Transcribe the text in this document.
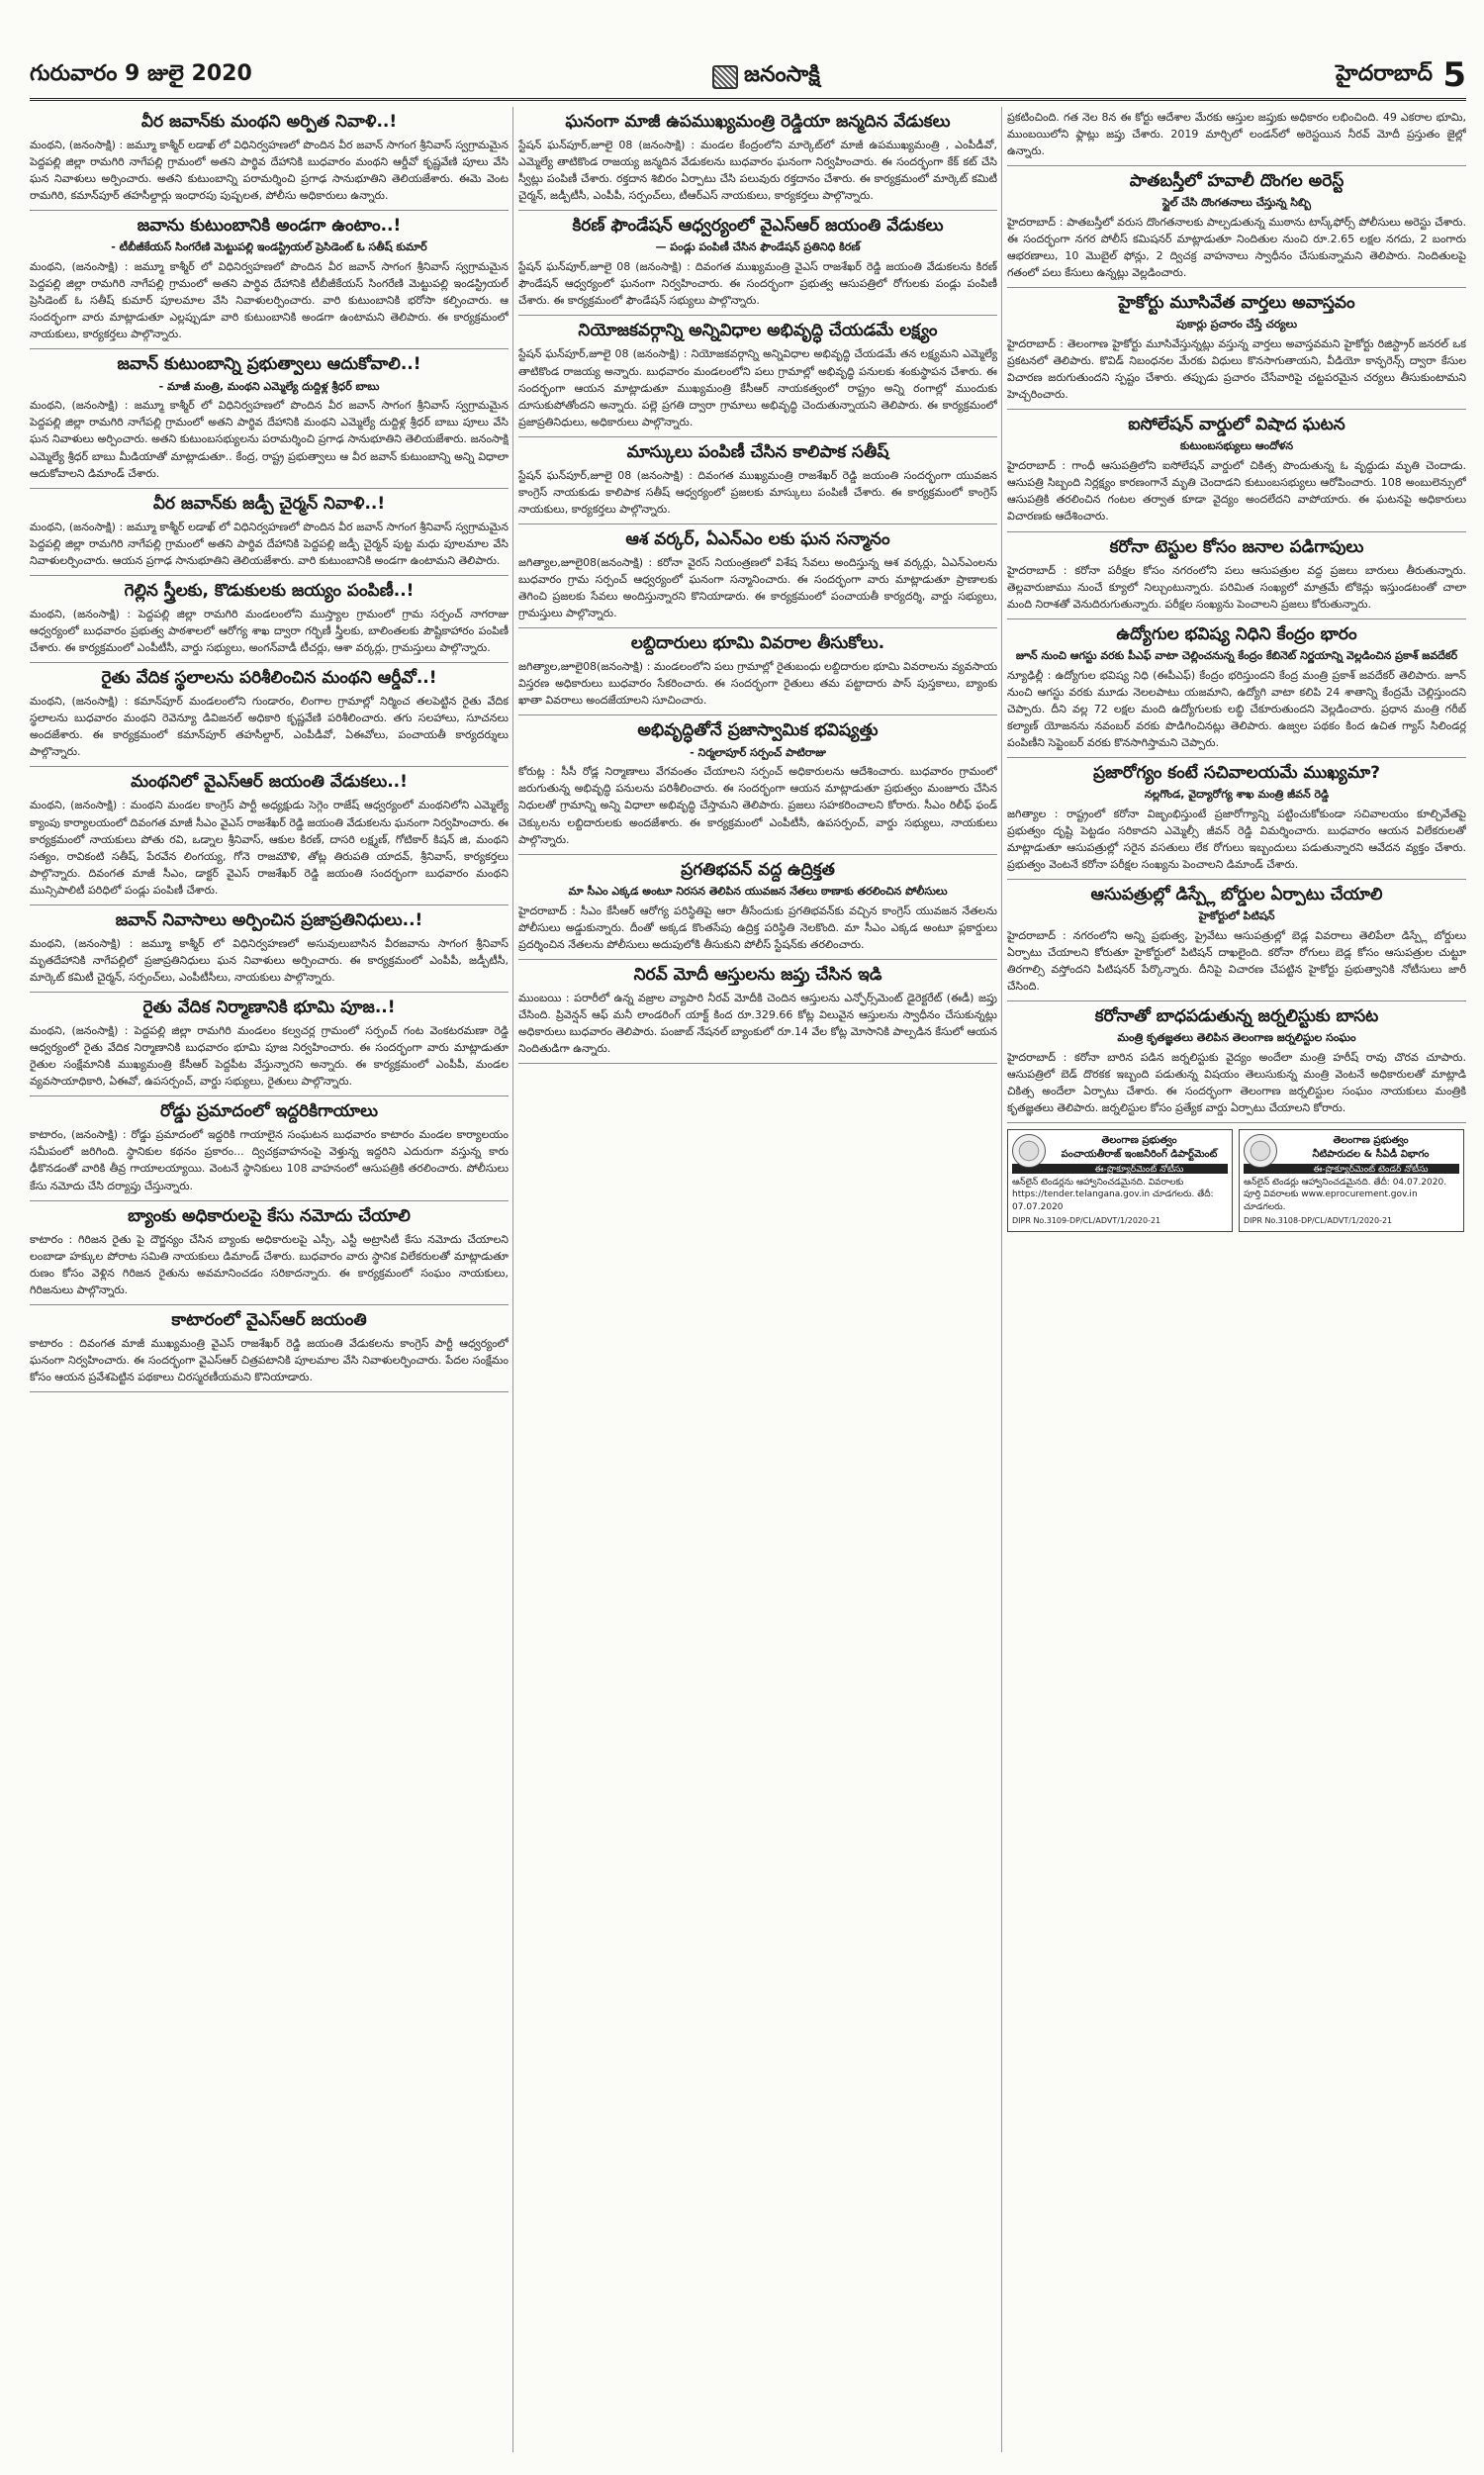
గురువారం 9 జులై 2020	జనంసాక్షి	హైదరాబాద్ 5
వీర జవాన్‌కు మంథని అర్పిత నివాళి..!
మంథని, (జనంసాక్షి) : జమ్మూ కాశ్మీర్ లడాఖ్ లో విధినిర్వహణలో పొందిన వీర జవాన్ సాగంగ శ్రీనివాస్ స్వగ్రామమైన పెద్దపల్లి జిల్లా రామగిరి నాగేపల్లి గ్రామంలో అతని పార్థివ దేహానికి బుధవారం మంథని ఆర్డీవో కృష్ణవేణి పూలు వేసి ఘన నివాళులు అర్పించారు. అతని కుటుంబాన్ని పరామర్శించి ప్రగాఢ సానుభూతిని తెలియజేశారు. ఈమె వెంట రామగిరి, కమాన్‌పూర్ తహసీల్దార్లు ఇంధారపు పుష్పలత, పోలీసు అధికారులు ఉన్నారు.
జవాను కుటుంబానికి అండగా ఉంటాం..!
- టీబీజీకేయస్ సింగరేణి మెట్టుపల్లి ఇండస్ట్రియల్ ప్రెసిడెంట్ ఓ సతీష్ కుమార్
మంథని, (జనంసాక్షి) : జమ్మూ కాశ్మీర్ లో విధినిర్వహణలో పొందిన వీర జవాన్ సాగంగ శ్రీనివాస్ స్వగ్రామమైన పెద్దపల్లి జిల్లా రామగిరి నాగేపల్లి గ్రామంలో అతని పార్థివ దేహానికి టీబీజీకేయస్ సింగరేణి మెట్టుపల్లి ఇండస్ట్రియల్ ప్రెసిడెంట్ ఓ సతీష్ కుమార్ పూలమాల వేసి నివాళులర్పించారు. వారి కుటుంబానికి భరోసా కల్పించారు. ఆ సందర్భంగా వారు మాట్లాడుతూ ఎల్లప్పుడూ వారి కుటుంబానికి అండగా ఉంటామని తెలిపారు. ఈ కార్యక్రమంలో నాయకులు, కార్యకర్తలు పాల్గొన్నారు.
జవాన్ కుటుంబాన్ని ప్రభుత్వాలు ఆదుకోవాలి..!
- మాజీ మంత్రి, మంథని ఎమ్మెల్యే దుద్దిళ్ల శ్రీధర్ బాబు
మంథని, (జనంసాక్షి) : జమ్మూ కాశ్మీర్ లో విధినిర్వహణలో పొందిన వీర జవాన్ సాగంగ శ్రీనివాస్ స్వగ్రామమైన పెద్దపల్లి జిల్లా రామగిరి నాగేపల్లి గ్రామంలో అతని పార్థివ దేహానికి మంథని ఎమ్మెల్యే దుద్దిళ్ల శ్రీధర్ బాబు పూలు వేసి ఘన నివాళులు అర్పించారు. అతని కుటుంబసభ్యులను పరామర్శించి ప్రగాఢ సానుభూతిని తెలియజేశారు. జనంసాక్షి ఎమ్మెల్యే శ్రీధర్ బాబు మీడియాతో మాట్లాడుతూ.. కేంద్ర, రాష్ట్ర ప్రభుత్వాలు ఆ వీర జవాన్ కుటుంబాన్ని అన్ని విధాలా ఆదుకోవాలని డిమాండ్ చేశారు.
వీర జవాన్‌కు జడ్పీ చైర్మన్ నివాళి..!
మంథని, (జనంసాక్షి) : జమ్మూ కాశ్మీర్ లడాఖ్ లో విధినిర్వహణలో పొందిన వీర జవాన్ సాగంగ శ్రీనివాస్ స్వగ్రామమైన పెద్దపల్లి జిల్లా రామగిరి నాగేపల్లి గ్రామంలో అతని పార్థివ దేహానికి పెద్దపల్లి జడ్పీ చైర్మన్ పుట్ట మధు పూలమాల వేసి నివాళులర్పించారు. ఆయన ప్రగాఢ సానుభూతిని తెలియజేశారు. వారి కుటుంబానికి అండగా ఉంటామని తెలిపారు.
గెల్లిన స్త్రీలకు, కొడుకులకు జయ్యం పంపిణీ..!
మంథని, (జనంసాక్షి) : పెద్దపల్లి జిల్లా రామగిరి మండలంలోని ముస్త్యాల గ్రామంలో గ్రామ సర్పంచ్ నాగరాజు ఆధ్వర్యంలో బుధవారం ప్రభుత్వ పాఠశాలలో ఆరోగ్య శాఖ ద్వారా గర్భిణీ స్త్రీలకు, బాలింతలకు పౌష్టికాహారం పంపిణీ చేశారు. ఈ కార్యక్రమంలో ఎంపీటీసీ, వార్డు సభ్యులు, అంగన్‌వాడీ టీచర్లు, ఆశా వర్కర్లు, గ్రామస్తులు పాల్గొన్నారు.
రైతు వేదిక స్థలాలను పరిశీలించిన మంథని ఆర్డీవో..!
మంథని, (జనంసాక్షి) : కమాన్‌పూర్ మండలంలోని గుండారం, లింగాల గ్రామాల్లో నిర్మించ తలపెట్టిన రైతు వేదిక స్థలాలను బుధవారం మంథని రెవెన్యూ డివిజనల్ అధికారి కృష్ణవేణి పరిశీలించారు. తగు సలహాలు, సూచనలు అందజేశారు. ఈ కార్యక్రమంలో కమాన్‌పూర్ తహసీల్దార్, ఎంపీడీవో, ఏఈవోలు, పంచాయతీ కార్యదర్శులు పాల్గొన్నారు.
మంథనిలో వైఎస్ఆర్ జయంతి వేడుకలు..!
మంథని, (జనంసాక్షి) : మంథని మండల కాంగ్రెస్ పార్టీ అధ్యక్షుడు సెగ్గెం రాజేష్ ఆధ్వర్యంలో మంథనిలోని ఎమ్మెల్యే క్యాంపు కార్యాలయంలో దివంగత మాజీ సీఎం వైఎస్ రాజశేఖర్ రెడ్డి జయంతి వేడుకలను ఘనంగా నిర్వహించారు. ఈ కార్యక్రమంలో నాయకులు పోతు రవి, ఒడ్నాల శ్రీనివాస్, ఆకుల కిరణ్, దాసరి లక్ష్మణ్, గోటికార్ కిషన్ జి, మంథని సత్యం, రావికంటి సతీష్, పేరవేన లింగయ్య, గోనె రాజమౌళి, తోట్ల తిరుపతి యాదవ్, శ్రీనివాస్, కార్యకర్తలు పాల్గొన్నారు. దివంగత మాజీ సీఎం, డాక్టర్ వైఎస్ రాజశేఖర్ రెడ్డి జయంతి సందర్భంగా బుధవారం మంథని మున్సిపాలిటీ పరిధిలో పండ్లు పంపిణీ చేశారు.
జవాన్ నివాసాలు అర్పించిన ప్రజాప్రతినిధులు..!
మంథని, (జనంసాక్షి) : జమ్మూ కాశ్మీర్ లో విధినిర్వహణలో అసువులుబాసిన వీరజవాను సాగంగ శ్రీనివాస్ మృతదేహానికి నాగేపల్లిలో ప్రజాప్రతినిధులు ఘన నివాళులు అర్పించారు. ఈ కార్యక్రమంలో ఎంపీపీ, జడ్పీటీసీ, మార్కెట్ కమిటీ చైర్మన్, సర్పంచ్‌లు, ఎంపీటీసీలు, నాయకులు పాల్గొన్నారు.
రైతు వేదిక నిర్మాణానికి భూమి పూజ..!
మంథని, (జనంసాక్షి) : పెద్దపల్లి జిల్లా రామగిరి మండలం కల్వచర్ల గ్రామంలో సర్పంచ్ గంట వెంకటరమణా రెడ్డి ఆధ్వర్యంలో రైతు వేదిక నిర్మాణానికి బుధవారం భూమి పూజ నిర్వహించారు. ఈ సందర్భంగా వారు మాట్లాడుతూ రైతుల సంక్షేమానికి ముఖ్యమంత్రి కేసీఆర్ పెద్దపీట వేస్తున్నారని అన్నారు. ఈ కార్యక్రమంలో ఎంపీపీ, మండల వ్యవసాయాధికారి, ఏఈవో, ఉపసర్పంచ్, వార్డు సభ్యులు, రైతులు పాల్గొన్నారు.
రోడ్డు ప్రమాదంలో ఇద్దరికిగాయాలు
కాటారం, (జనంసాక్షి) : రోడ్డు ప్రమాదంలో ఇద్దరికి గాయాలైన సంఘటన బుధవారం కాటారం మండల కార్యాలయం సమీపంలో జరిగింది. స్థానికుల కథనం ప్రకారం... ద్విచక్రవాహనంపై వెళ్తున్న ఇద్దరిని ఎదురుగా వస్తున్న కారు ఢీకొనడంతో వారికి తీవ్ర గాయాలయ్యాయి. వెంటనే స్థానికులు 108 వాహనంలో ఆసుపత్రికి తరలించారు. పోలీసులు కేసు నమోదు చేసి దర్యాప్తు చేస్తున్నారు.
బ్యాంకు అధికారులపై కేసు నమోదు చేయాలి
కాటారం : గిరిజన రైతు పై దౌర్జన్యం చేసిన బ్యాంకు అధికారులపై ఎస్సీ, ఎస్టీ అట్రాసిటీ కేసు నమోదు చేయాలని లంబాడా హక్కుల పోరాట సమితి నాయకులు డిమాండ్ చేశారు. బుధవారం వారు స్థానిక విలేకరులతో మాట్లాడుతూ రుణం కోసం వెళ్లిన గిరిజన రైతును అవమానించడం సరికాదన్నారు. ఈ కార్యక్రమంలో సంఘం నాయకులు, గిరిజనులు పాల్గొన్నారు.
కాటారంలో వైఎస్ఆర్ జయంతి
కాటారం : దివంగత మాజీ ముఖ్యమంత్రి వైఎస్ రాజశేఖర్ రెడ్డి జయంతి వేడుకలను కాంగ్రెస్ పార్టీ ఆధ్వర్యంలో ఘనంగా నిర్వహించారు. ఈ సందర్భంగా వైఎస్ఆర్ చిత్రపటానికి పూలమాల వేసి నివాళులర్పించారు. పేదల సంక్షేమం కోసం ఆయన ప్రవేశపెట్టిన పథకాలు చిరస్మరణీయమని కొనియాడారు.
ఘనంగా మాజీ ఉపముఖ్యమంత్రి రెడ్డియా జన్మదిన వేడుకలు
స్టేషన్ ఘన్‌పూర్,జూలై 08 (జనంసాక్షి) : మండల కేంద్రంలోని మార్కెట్‌లో మాజీ ఉపముఖ్యమంత్రి , ఎంపీడీవో, ఎమ్మెల్యే తాటికొండ రాజయ్య జన్మదిన వేడుకలను బుధవారం ఘనంగా నిర్వహించారు. ఈ సందర్భంగా కేక్ కట్ చేసి స్వీట్లు పంపిణీ చేశారు. రక్తదాన శిబిరం ఏర్పాటు చేసి పలువురు రక్తదానం చేశారు. ఈ కార్యక్రమంలో మార్కెట్ కమిటీ చైర్మన్, జడ్పీటీసీ, ఎంపీపీ, సర్పంచ్‌లు, టీఆర్ఎస్ నాయకులు, కార్యకర్తలు పాల్గొన్నారు.
కిరణ్ ఫౌండేషన్ ఆధ్వర్యంలో వైఎస్ఆర్ జయంతి వేడుకలు
— పండ్లు పంపిణీ చేసిన ఫౌండేషన్ ప్రతినిధి కిరణ్
స్టేషన్ ఘన్‌పూర్,జూలై 08 (జనంసాక్షి) : దివంగత ముఖ్యమంత్రి వైఎస్ రాజశేఖర్ రెడ్డి జయంతి వేడుకలను కిరణ్ ఫౌండేషన్ ఆధ్వర్యంలో ఘనంగా నిర్వహించారు. ఈ సందర్భంగా ప్రభుత్వ ఆసుపత్రిలో రోగులకు పండ్లు పంపిణీ చేశారు. ఈ కార్యక్రమంలో ఫౌండేషన్ సభ్యులు పాల్గొన్నారు.
నియోజకవర్గాన్ని అన్నివిధాల అభివృద్ధి చేయడమే లక్ష్యం
స్టేషన్ ఘన్‌పూర్,జూలై 08 (జనంసాక్షి) : నియోజకవర్గాన్ని అన్నివిధాల అభివృద్ధి చేయడమే తన లక్ష్యమని ఎమ్మెల్యే తాటికొండ రాజయ్య అన్నారు. బుధవారం మండలంలోని పలు గ్రామాల్లో అభివృద్ధి పనులకు శంకుస్థాపన చేశారు. ఈ సందర్భంగా ఆయన మాట్లాడుతూ ముఖ్యమంత్రి కేసీఆర్ నాయకత్వంలో రాష్ట్రం అన్ని రంగాల్లో ముందుకు దూసుకుపోతోందని అన్నారు. పల్లె ప్రగతి ద్వారా గ్రామాలు అభివృద్ధి చెందుతున్నాయని తెలిపారు. ఈ కార్యక్రమంలో ప్రజాప్రతినిధులు, అధికారులు పాల్గొన్నారు.
మాస్కులు పంపిణీ చేసిన కాలిపాక సతీష్
స్టేషన్ ఘన్‌పూర్,జూలై 08 (జనంసాక్షి) : దివంగత ముఖ్యమంత్రి రాజశేఖర్ రెడ్డి జయంతి సందర్భంగా యువజన కాంగ్రెస్ నాయకుడు కాలిపాక సతీష్ ఆధ్వర్యంలో ప్రజలకు మాస్కులు పంపిణీ చేశారు. ఈ కార్యక్రమంలో కాంగ్రెస్ నాయకులు, కార్యకర్తలు పాల్గొన్నారు.
ఆశ వర్కర్, ఏఎన్ఎం లకు ఘన సన్మానం
జగిత్యాల,జూలై08(జనంసాక్షి) : కరోనా వైరస్ నియంత్రణలో విశేష సేవలు అందిస్తున్న ఆశ వర్కర్లు, ఏఎన్ఎంలను బుధవారం గ్రామ సర్పంచ్ ఆధ్వర్యంలో ఘనంగా సన్మానించారు. ఈ సందర్భంగా వారు మాట్లాడుతూ ప్రాణాలకు తెగించి ప్రజలకు సేవలు అందిస్తున్నారని కొనియాడారు. ఈ కార్యక్రమంలో పంచాయతీ కార్యదర్శి, వార్డు సభ్యులు, గ్రామస్తులు పాల్గొన్నారు.
లబ్దిదారులు భూమి వివరాల తీసుకోలు.
జగిత్యాల,జూలై08(జనంసాక్షి) : మండలంలోని పలు గ్రామాల్లో రైతుబంధు లబ్దిదారుల భూమి వివరాలను వ్యవసాయ విస్తరణ అధికారులు బుధవారం సేకరించారు. ఈ సందర్భంగా రైతులు తమ పట్టాదారు పాస్ పుస్తకాలు, బ్యాంకు ఖాతా వివరాలు అందజేయాలని సూచించారు.
అభివృద్ధితోనే ప్రజాస్వామిక భవిష్యత్తు
- నిర్మలాపూర్ సర్పంచ్ పాటిరాజు
కోరుట్ల : సీసీ రోడ్ల నిర్మాణాలు వేగవంతం చేయాలని సర్పంచ్ అధికారులను ఆదేశించారు. బుధవారం గ్రామంలో జరుగుతున్న అభివృద్ధి పనులను పరిశీలించారు. ఈ సందర్భంగా ఆయన మాట్లాడుతూ ప్రభుత్వం మంజూరు చేసిన నిధులతో గ్రామాన్ని అన్ని విధాలా అభివృద్ధి చేస్తామని తెలిపారు. ప్రజలు సహకరించాలని కోరారు. సీఎం రిలీఫ్ ఫండ్ చెక్కులను లబ్దిదారులకు అందజేశారు. ఈ కార్యక్రమంలో ఎంపీటీసీ, ఉపసర్పంచ్, వార్డు సభ్యులు, నాయకులు పాల్గొన్నారు.
ప్రగతిభవన్ వద్ద ఉద్రిక్తత
మా సీఎం ఎక్కడ అంటూ నిరసన తెలిపిన యువజన నేతలు ఠాణాకు తరలించిన పోలీసులు
హైదరాబాద్ : సీఎం కేసీఆర్ ఆరోగ్య పరిస్థితిపై ఆరా తీసేందుకు ప్రగతిభవన్‌కు వచ్చిన కాంగ్రెస్ యువజన నేతలను పోలీసులు అడ్డుకున్నారు. దీంతో అక్కడ కొంతసేపు ఉద్రిక్త పరిస్థితి నెలకొంది. మా సీఎం ఎక్కడ అంటూ ప్లకార్డులు ప్రదర్శించిన నేతలను పోలీసులు అదుపులోకి తీసుకుని పోలీస్ స్టేషన్‌కు తరలించారు.
నిరవ్ మోదీ ఆస్తులను జప్తు చేసిన ఇడి
ముంబయి : పరారీలో ఉన్న వజ్రాల వ్యాపారి నీరవ్ మోదీకి చెందిన ఆస్తులను ఎన్ఫోర్స్‌మెంట్ డైరెక్టరేట్ (ఈడీ) జప్తు చేసింది. ప్రివెన్షన్ ఆఫ్ మనీ లాండరింగ్ యాక్ట్ కింద రూ.329.66 కోట్ల విలువైన ఆస్తులను స్వాధీనం చేసుకున్నట్లు అధికారులు బుధవారం తెలిపారు. పంజాబ్ నేషనల్ బ్యాంకులో రూ.14 వేల కోట్ల మోసానికి పాల్పడిన కేసులో ఆయన నిందితుడిగా ఉన్నారు.
ప్రకటించింది. గత నెల 8న ఈ కోర్టు ఆదేశాల మేరకు ఆస్తుల జప్తుకు అధికారం లభించింది. 49 ఎకరాల భూమి, ముంబయిలోని ఫ్లాట్లు జప్తు చేశారు. 2019 మార్చిలో లండన్‌లో అరెస్టయిన నీరవ్ మోదీ ప్రస్తుతం జైల్లో ఉన్నారు.
పాతబస్తీలో హవాలీ దొంగల అరెస్ట్
స్టైల్ చేసి దొంగతనాలు చేస్తున్న సిబ్బి
హైదరాబాద్ : పాతబస్తీలో వరుస దొంగతనాలకు పాల్పడుతున్న ముఠాను టాస్క్‌ఫోర్స్ పోలీసులు అరెస్టు చేశారు. ఈ సందర్భంగా నగర పోలీస్ కమిషనర్ మాట్లాడుతూ నిందితుల నుంచి రూ.2.65 లక్షల నగదు, 2 బంగారు ఆభరణాలు, 10 మొబైల్ ఫోన్లు, 2 ద్విచక్ర వాహనాలు స్వాధీనం చేసుకున్నామని తెలిపారు. నిందితులపై గతంలో పలు కేసులు ఉన్నట్లు వెల్లడించారు.
హైకోర్టు మూసివేత వార్తలు అవాస్తవం
పుకార్లు ప్రచారం చేస్తే చర్యలు
హైదరాబాద్ : తెలంగాణ హైకోర్టు మూసివేస్తున్నట్లు వస్తున్న వార్తలు అవాస్తవమని హైకోర్టు రిజిస్ట్రార్ జనరల్ ఒక ప్రకటనలో తెలిపారు. కొవిడ్ నిబంధనల మేరకు విధులు కొనసాగుతాయని, వీడియో కాన్ఫరెన్స్ ద్వారా కేసుల విచారణ జరుగుతుందని స్పష్టం చేశారు. తప్పుడు ప్రచారం చేసేవారిపై చట్టపరమైన చర్యలు తీసుకుంటామని హెచ్చరించారు.
ఐసోలేషన్ వార్డులో విషాద ఘటన
కుటుంబసభ్యులు ఆందోళన
హైదరాబాద్ : గాంధీ ఆసుపత్రిలోని ఐసోలేషన్ వార్డులో చికిత్స పొందుతున్న ఓ వృద్ధుడు మృతి చెందాడు. ఆసుపత్రి సిబ్బంది నిర్లక్ష్యం కారణంగానే మృతి చెందాడని కుటుంబసభ్యులు ఆరోపించారు. 108 అంబులెన్సులో ఆసుపత్రికి తరలించిన గంటల తర్వాత కూడా వైద్యం అందలేదని వాపోయారు. ఈ ఘటనపై అధికారులు విచారణకు ఆదేశించారు.
కరోనా టెస్టుల కోసం జనాల పడిగాపులు
హైదరాబాద్ : కరోనా పరీక్షల కోసం నగరంలోని పలు ఆసుపత్రుల వద్ద ప్రజలు బారులు తీరుతున్నారు. తెల్లవారుజాము నుంచే క్యూలో నిల్చుంటున్నారు. పరిమిత సంఖ్యలో మాత్రమే టోకెన్లు ఇస్తుండటంతో చాలా మంది నిరాశతో వెనుదిరుగుతున్నారు. పరీక్షల సంఖ్యను పెంచాలని ప్రజలు కోరుతున్నారు.
ఉద్యోగుల భవిష్య నిధిని కేంద్రం భారం
జూన్ నుంచి ఆగస్టు వరకు పీఎఫ్ వాటా చెల్లించనున్న కేంద్రం కేబినెట్ నిర్ణయాన్ని వెల్లడించిన ప్రకాశ్ జవదేకర్
న్యూఢిల్లీ : ఉద్యోగుల భవిష్య నిధి (ఈపీఎఫ్) కేంద్రం భరిస్తుందని కేంద్ర మంత్రి ప్రకాశ్ జవదేకర్ తెలిపారు. జూన్ నుంచి ఆగస్టు వరకు మూడు నెలలపాటు యజమాని, ఉద్యోగి వాటా కలిపి 24 శాతాన్ని కేంద్రమే చెల్లిస్తుందని చెప్పారు. దీని వల్ల 72 లక్షల మంది ఉద్యోగులకు లబ్ధి చేకూరుతుందని వెల్లడించారు. ప్రధాన మంత్రి గరీబ్ కల్యాణ్ యోజనను నవంబర్ వరకు పొడిగించినట్లు తెలిపారు. ఉజ్వల పథకం కింద ఉచిత గ్యాస్ సిలిండర్ల పంపిణీని సెప్టెంబర్ వరకు కొనసాగిస్తామని చెప్పారు.
ప్రజారోగ్యం కంటే సచివాలయమే ముఖ్యమా?
నల్లగొండ, వైద్యారోగ్య శాఖ మంత్రి జీవన్ రెడ్డి
జగిత్యాల : రాష్ట్రంలో కరోనా విజృంభిస్తుంటే ప్రజారోగ్యాన్ని పట్టించుకోకుండా సచివాలయం కూల్చివేతపై ప్రభుత్వం దృష్టి పెట్టడం సరికాదని ఎమ్మెల్సీ జీవన్ రెడ్డి విమర్శించారు. బుధవారం ఆయన విలేకరులతో మాట్లాడుతూ ఆసుపత్రుల్లో సరైన వసతులు లేక రోగులు ఇబ్బందులు పడుతున్నారని ఆవేదన వ్యక్తం చేశారు. ప్రభుత్వం వెంటనే కరోనా పరీక్షల సంఖ్యను పెంచాలని డిమాండ్ చేశారు.
ఆసుపత్రుల్లో డిస్ప్లే బోర్డుల ఏర్పాటు చేయాలి
హైకోర్టులో పిటిషన్
హైదరాబాద్ : నగరంలోని అన్ని ప్రభుత్వ, ప్రైవేటు ఆసుపత్రుల్లో బెడ్ల వివరాలు తెలిపేలా డిస్ప్లే బోర్డులు ఏర్పాటు చేయాలని కోరుతూ హైకోర్టులో పిటిషన్ దాఖలైంది. కరోనా రోగులు బెడ్ల కోసం ఆసుపత్రుల చుట్టూ తిరగాల్సి వస్తోందని పిటిషనర్ పేర్కొన్నారు. దీనిపై విచారణ చేపట్టిన హైకోర్టు ప్రభుత్వానికి నోటీసులు జారీ చేసింది.
కరోనాతో బాధపడుతున్న జర్నలిస్టుకు బాసట
మంత్రి కృతజ్ఞతలు తెలిపిన తెలంగాణ జర్నలిస్టుల సంఘం
హైదరాబాద్ : కరోనా బారిన పడిన జర్నలిస్టుకు వైద్యం అందేలా మంత్రి హరీష్ రావు చొరవ చూపారు. ఆసుపత్రిలో బెడ్ దొరకక ఇబ్బంది పడుతున్న విషయం తెలుసుకున్న మంత్రి వెంటనే అధికారులతో మాట్లాడి చికిత్స అందేలా ఏర్పాటు చేశారు. ఈ సందర్భంగా తెలంగాణ జర్నలిస్టుల సంఘం నాయకులు మంత్రికి కృతజ్ఞతలు తెలిపారు. జర్నలిస్టుల కోసం ప్రత్యేక వార్డు ఏర్పాటు చేయాలని కోరారు.
తెలంగాణ ప్రభుత్వం
పంచాయతీరాజ్ ఇంజనీరింగ్ డిపార్ట్‌మెంట్
ఈ-ప్రొక్యూర్‌మెంట్ నోటీసు
ఆన్‌లైన్ టెండర్లను ఆహ్వానించడమైనది. వివరాలకు https://tender.telangana.gov.in చూడగలరు. తేదీ: 07.07.2020
DIPR No.3109-DP/CL/ADVT/1/2020-21
తెలంగాణ ప్రభుత్వం
నీటిపారుదల & సీఏడీ విభాగం
ఈ-ప్రొక్యూర్‌మెంట్ టెండర్ నోటీసు
ఆన్‌లైన్ టెండర్లు ఆహ్వానించడమైనది. తేదీ: 04.07.2020. పూర్తి వివరాలకు www.eprocurement.gov.in చూడగలరు.
DIPR No.3108-DP/CL/ADVT/1/2020-21
